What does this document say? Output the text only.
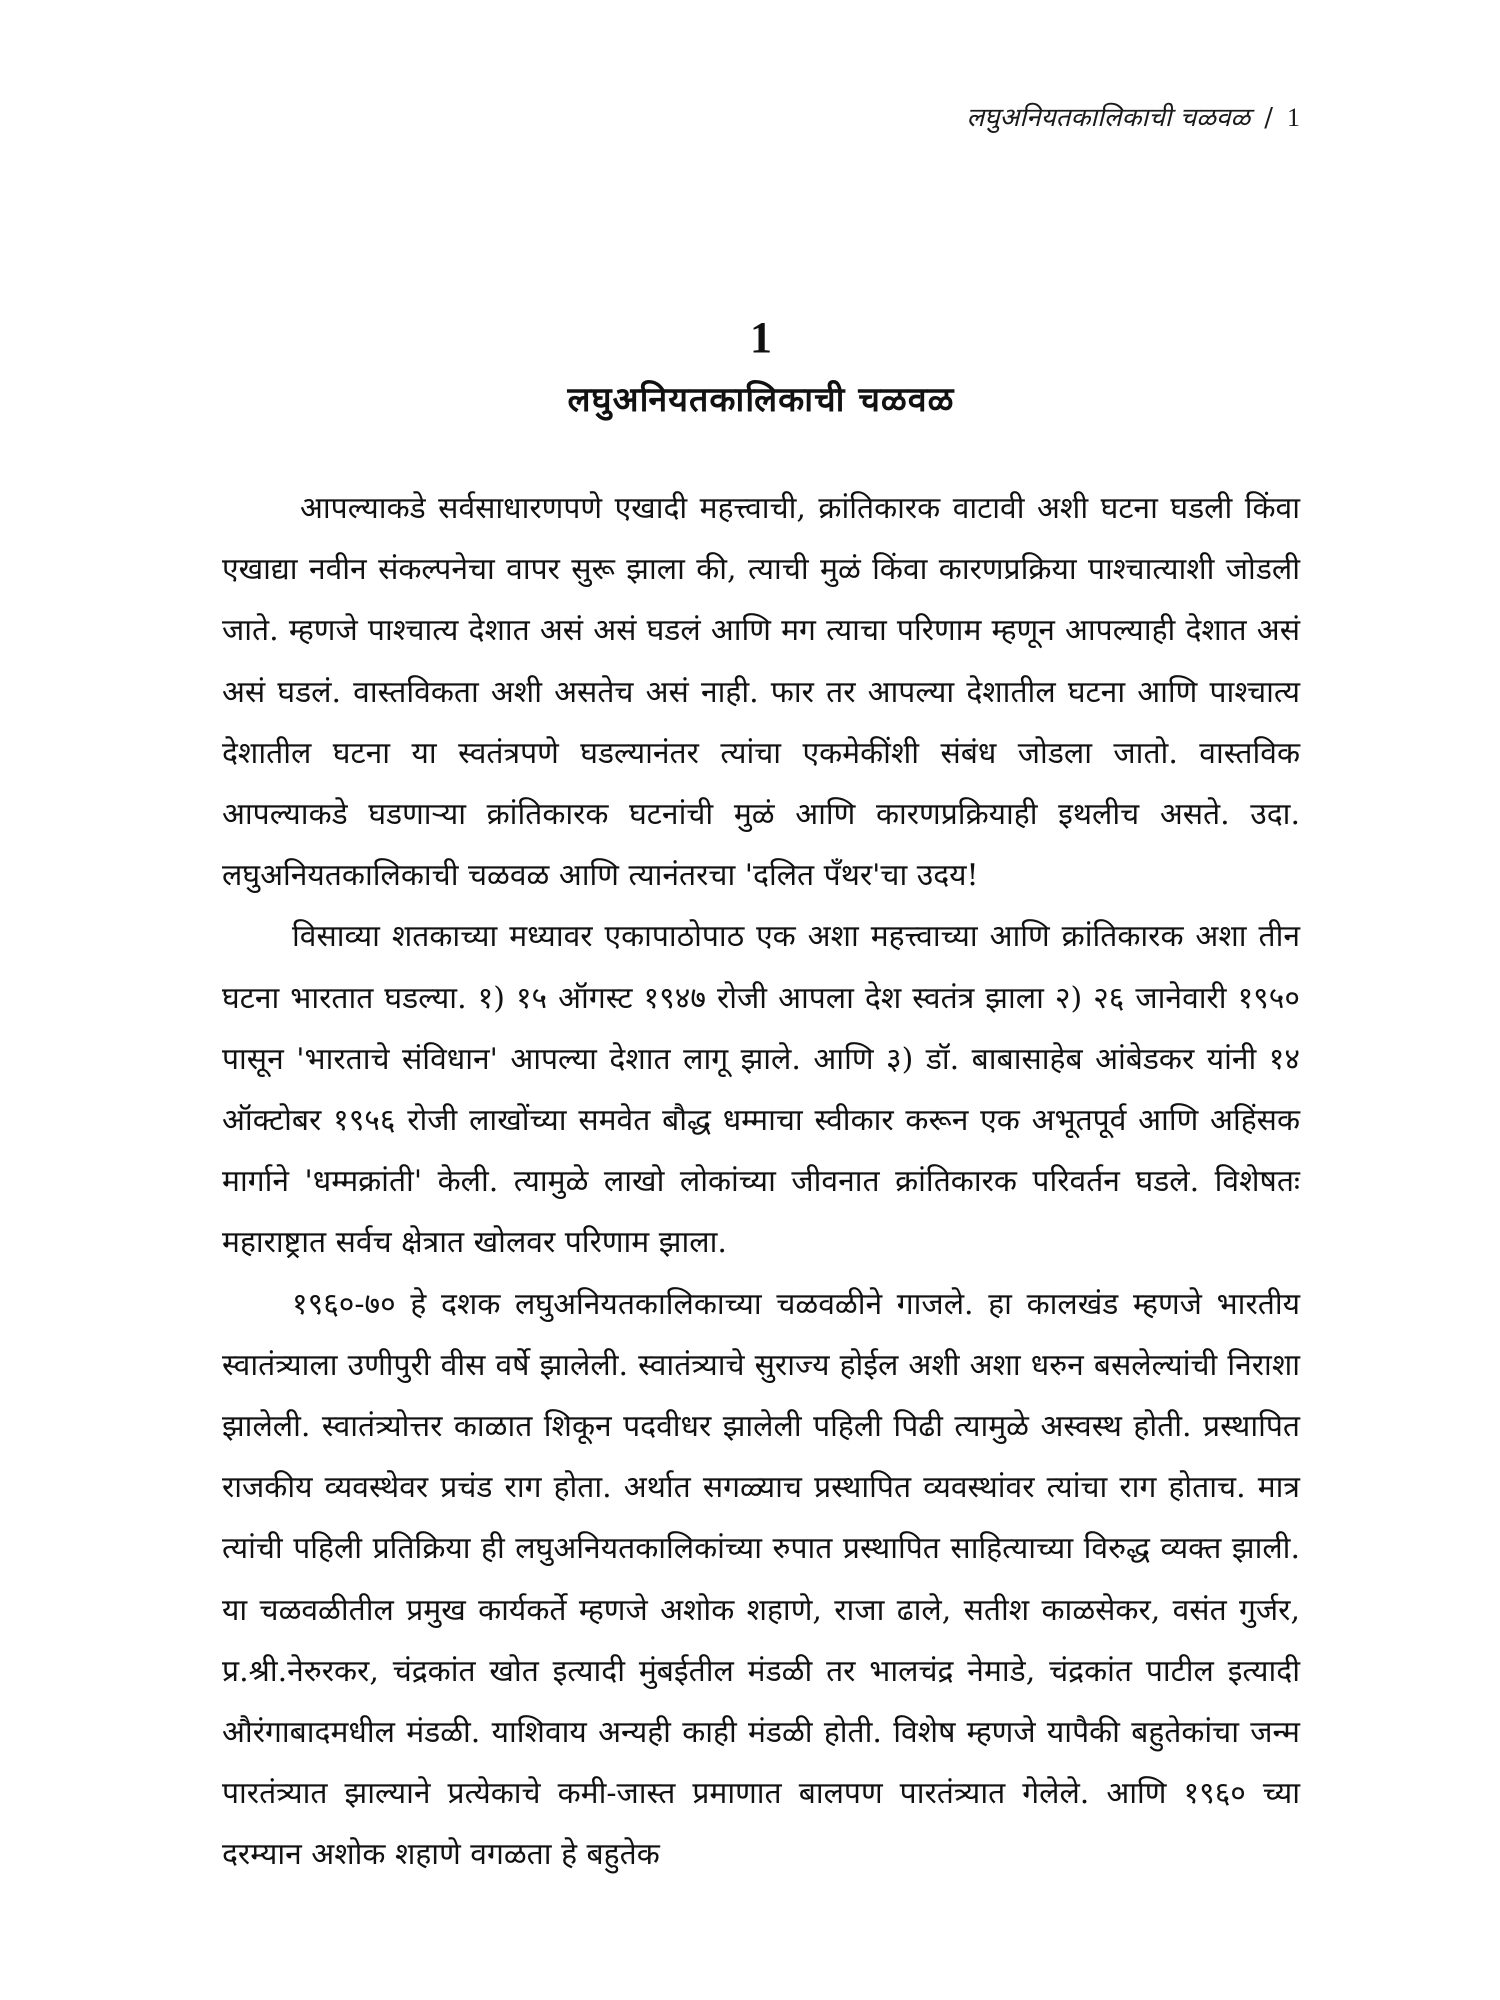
लघुअनियतकालिकाची चळवळ / 1
1
लघुअनियतकालिकाची चळवळ

आपल्याकडे सर्वसाधारणपणे एखादी महत्त्वाची, क्रांतिकारक वाटावी अशी घटना घडली किंवा एखाद्या नवीन संकल्पनेचा वापर सुरू झाला की, त्याची मुळं किंवा कारणप्रक्रिया पाश्चात्याशी जोडली जाते. म्हणजे पाश्चात्य देशात असं असं घडलं आणि मग त्याचा परिणाम म्हणून आपल्याही देशात असं असं घडलं. वास्तविकता अशी असतेच असं नाही. फार तर आपल्या देशातील घटना आणि पाश्चात्य देशातील घटना या स्वतंत्रपणे घडल्यानंतर त्यांचा एकमेकींशी संबंध जोडला जातो. वास्तविक आपल्याकडे घडणाऱ्या क्रांतिकारक घटनांची मुळं आणि कारणप्रक्रियाही इथलीच असते. उदा. लघुअनियतकालिकाची चळवळ आणि त्यानंतरचा 'दलित पँथर'चा उदय!

विसाव्या शतकाच्या मध्यावर एकापाठोपाठ एक अशा महत्त्वाच्या आणि क्रांतिकारक अशा तीन घटना भारतात घडल्या. १) १५ ऑगस्ट १९४७ रोजी आपला देश स्वतंत्र झाला २) २६ जानेवारी १९५० पासून 'भारताचे संविधान' आपल्या देशात लागू झाले. आणि ३) डॉ. बाबासाहेब आंबेडकर यांनी १४ ऑक्टोबर १९५६ रोजी लाखोंच्या समवेत बौद्ध धम्माचा स्वीकार करून एक अभूतपूर्व आणि अहिंसक मार्गाने 'धम्मक्रांती' केली. त्यामुळे लाखो लोकांच्या जीवनात क्रांतिकारक परिवर्तन घडले. विशेषतः महाराष्ट्रात सर्वच क्षेत्रात खोलवर परिणाम झाला.

१९६०-७० हे दशक लघुअनियतकालिकाच्या चळवळीने गाजले. हा कालखंड म्हणजे भारतीय स्वातंत्र्याला उणीपुरी वीस वर्षे झालेली. स्वातंत्र्याचे सुराज्य होईल अशी अशा धरुन बसलेल्यांची निराशा झालेली. स्वातंत्र्योत्तर काळात शिकून पदवीधर झालेली पहिली पिढी त्यामुळे अस्वस्थ होती. प्रस्थापित राजकीय व्यवस्थेवर प्रचंड राग होता. अर्थात सगळ्याच प्रस्थापित व्यवस्थांवर त्यांचा राग होताच. मात्र त्यांची पहिली प्रतिक्रिया ही लघुअनियतकालिकांच्या रुपात प्रस्थापित साहित्याच्या विरुद्ध व्यक्त झाली. या चळवळीतील प्रमुख कार्यकर्ते म्हणजे अशोक शहाणे, राजा ढाले, सतीश काळसेकर, वसंत गुर्जर, प्र.श्री.नेरुरकर, चंद्रकांत खोत इत्यादी मुंबईतील मंडळी तर भालचंद्र नेमाडे, चंद्रकांत पाटील इत्यादी औरंगाबादमधील मंडळी. याशिवाय अन्यही काही मंडळी होती. विशेष म्हणजे यापैकी बहुतेकांचा जन्म पारतंत्र्यात झाल्याने प्रत्येकाचे कमी-जास्त प्रमाणात बालपण पारतंत्र्यात गेलेले. आणि १९६० च्या दरम्यान अशोक शहाणे वगळता हे बहुतेक
